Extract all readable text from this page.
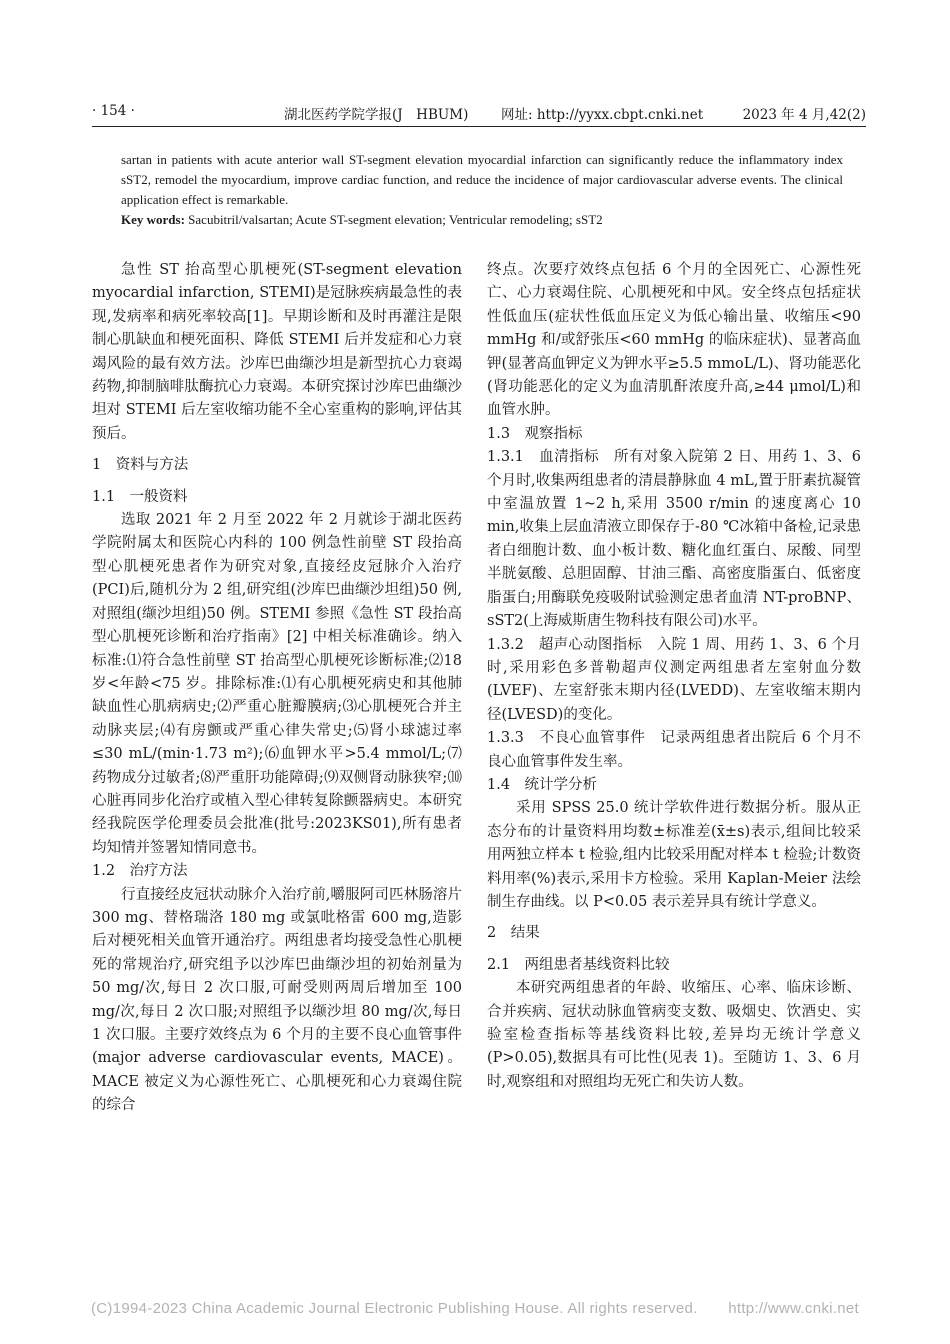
· 154 ·	湖北医药学院学报(J　HBUM) 网址: http://yyxx.cbpt.cnki.net	2023 年 4 月,42(2)

sartan in patients with acute anterior wall ST-segment elevation myocardial infarction can significantly reduce the inflammatory index sST2, remodel the myocardium, improve cardiac function, and reduce the incidence of major cardiovascular adverse events. The clinical application effect is remarkable.

Key words: Sacubitril/valsartan; Acute ST-segment elevation; Ventricular remodeling; sST2

急性 ST 抬高型心肌梗死(ST-segment elevation myocardial infarction, STEMI)是冠脉疾病最急性的表现,发病率和病死率较高[1]。早期诊断和及时再灌注是限制心肌缺血和梗死面积、降低 STEMI 后并发症和心力衰竭风险的最有效方法。沙库巴曲缬沙坦是新型抗心力衰竭药物,抑制脑啡肽酶抗心力衰竭。本研究探讨沙库巴曲缬沙坦对 STEMI 后左室收缩功能不全心室重构的影响,评估其预后。

1　资料与方法

1.1　一般资料

选取 2021 年 2 月至 2022 年 2 月就诊于湖北医药学院附属太和医院心内科的 100 例急性前壁 ST 段抬高型心肌梗死患者作为研究对象,直接经皮冠脉介入治疗(PCI)后,随机分为 2 组,研究组(沙库巴曲缬沙坦组)50 例,对照组(缬沙坦组)50 例。STEMI 参照《急性 ST 段抬高型心肌梗死诊断和治疗指南》[2] 中相关标准确诊。纳入标准:⑴符合急性前壁 ST 抬高型心肌梗死诊断标准;⑵18 岁<年龄<75 岁。排除标准:⑴有心肌梗死病史和其他肺缺血性心肌病病史;⑵严重心脏瓣膜病;⑶心肌梗死合并主动脉夹层;⑷有房颤或严重心律失常史;⑸肾小球滤过率≤30 mL/(min·1.73 m²);⑹血钾水平>5.4 mmol/L;⑺药物成分过敏者;⑻严重肝功能障碍;⑼双侧肾动脉狭窄;⑽心脏再同步化治疗或植入型心律转复除颤器病史。本研究经我院医学伦理委员会批准(批号:2023KS01),所有患者均知情并签署知情同意书。

1.2　治疗方法

行直接经皮冠状动脉介入治疗前,嚼服阿司匹林肠溶片 300 mg、替格瑞洛 180 mg 或氯吡格雷 600 mg,造影后对梗死相关血管开通治疗。两组患者均接受急性心肌梗死的常规治疗,研究组予以沙库巴曲缬沙坦的初始剂量为 50 mg/次,每日 2 次口服,可耐受则两周后增加至 100 mg/次,每日 2 次口服;对照组予以缬沙坦 80 mg/次,每日 1 次口服。主要疗效终点为 6 个月的主要不良心血管事件(major adverse cardiovascular events, MACE)。MACE 被定义为心源性死亡、心肌梗死和心力衰竭住院的综合

终点。次要疗效终点包括 6 个月的全因死亡、心源性死亡、心力衰竭住院、心肌梗死和中风。安全终点包括症状性低血压(症状性低血压定义为低心输出量、收缩压<90 mmHg 和/或舒张压<60 mmHg 的临床症状)、显著高血钾(显著高血钾定义为钾水平≥5.5 mmoL/L)、肾功能恶化(肾功能恶化的定义为血清肌酐浓度升高,≥44 μmol/L)和血管水肿。

1.3　观察指标

1.3.1　血清指标　所有对象入院第 2 日、用药 1、3、6 个月时,收集两组患者的清晨静脉血 4 mL,置于肝素抗凝管中室温放置 1~2 h,采用 3500 r/min 的速度离心 10 min,收集上层血清液立即保存于-80 ℃冰箱中备检,记录患者白细胞计数、血小板计数、糖化血红蛋白、尿酸、同型半胱氨酸、总胆固醇、甘油三酯、高密度脂蛋白、低密度脂蛋白;用酶联免疫吸附试验测定患者血清 NT-proBNP、sST2(上海威斯唐生物科技有限公司)水平。

1.3.2　超声心动图指标　入院 1 周、用药 1、3、6 个月时,采用彩色多普勒超声仪测定两组患者左室射血分数(LVEF)、左室舒张末期内径(LVEDD)、左室收缩末期内径(LVESD)的变化。

1.3.3　不良心血管事件　记录两组患者出院后 6 个月不良心血管事件发生率。

1.4　统计学分析

采用 SPSS 25.0 统计学软件进行数据分析。服从正态分布的计量资料用均数±标准差(x̄±s)表示,组间比较采用两独立样本 t 检验,组内比较采用配对样本 t 检验;计数资料用率(%)表示,采用卡方检验。采用 Kaplan-Meier 法绘制生存曲线。以 P<0.05 表示差异具有统计学意义。

2　结果

2.1　两组患者基线资料比较

本研究两组患者的年龄、收缩压、心率、临床诊断、合并疾病、冠状动脉血管病变支数、吸烟史、饮酒史、实验室检查指标等基线资料比较,差异均无统计学意义(P>0.05),数据具有可比性(见表 1)。至随访 1、3、6 月时,观察组和对照组均无死亡和失访人数。

(C)1994-2023 China Academic Journal Electronic Publishing House. All rights reserved.　　http://www.cnki.net
